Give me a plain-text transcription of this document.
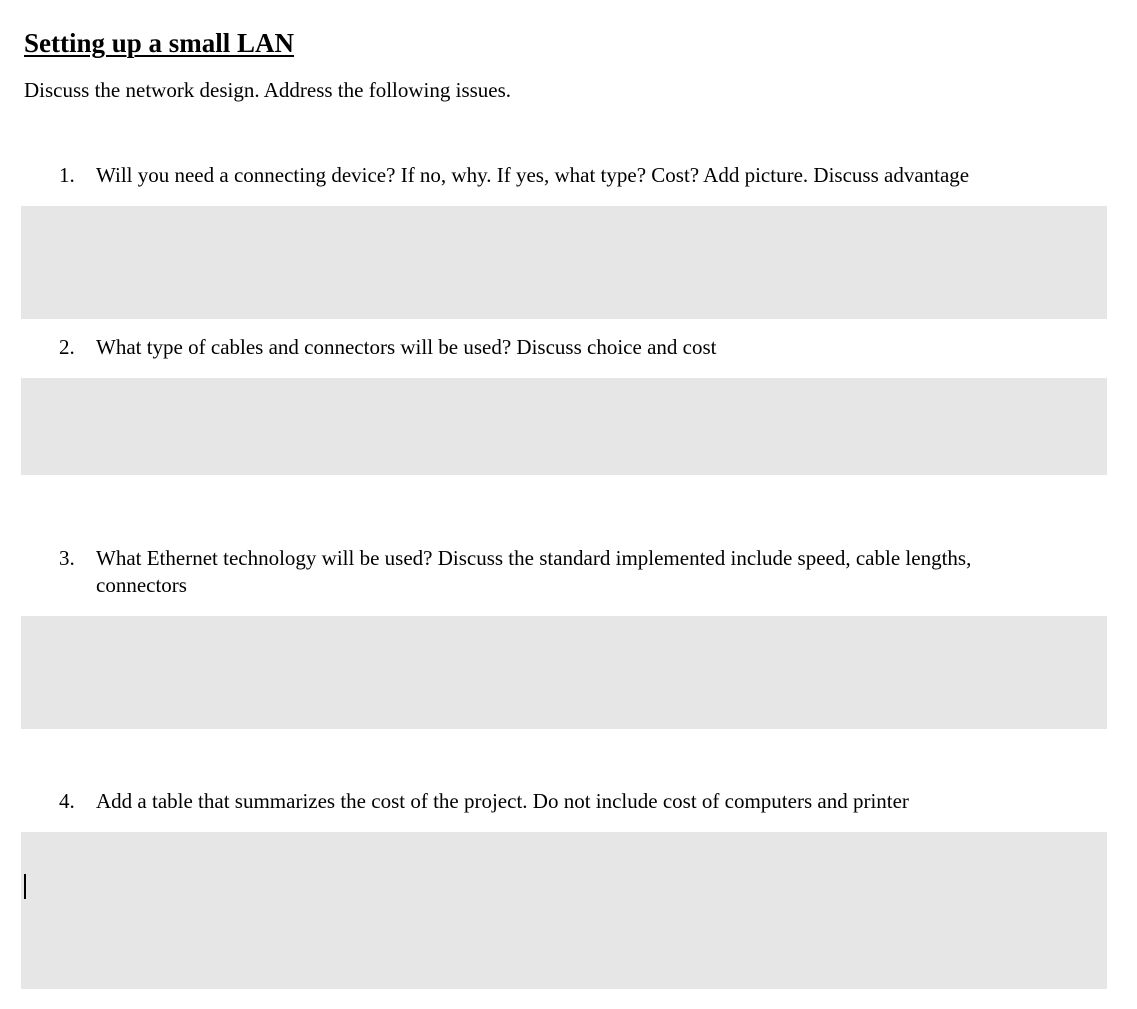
Setting up a small LAN
Discuss the network design. Address the following issues.
1. Will you need a connecting device? If no, why. If yes, what type? Cost? Add picture. Discuss advantage
2. What type of cables and connectors will be used? Discuss choice and cost
3. What Ethernet technology will be used? Discuss the standard implemented include speed, cable lengths, connectors
4. Add a table that summarizes the cost of the project. Do not include cost of computers and printer
